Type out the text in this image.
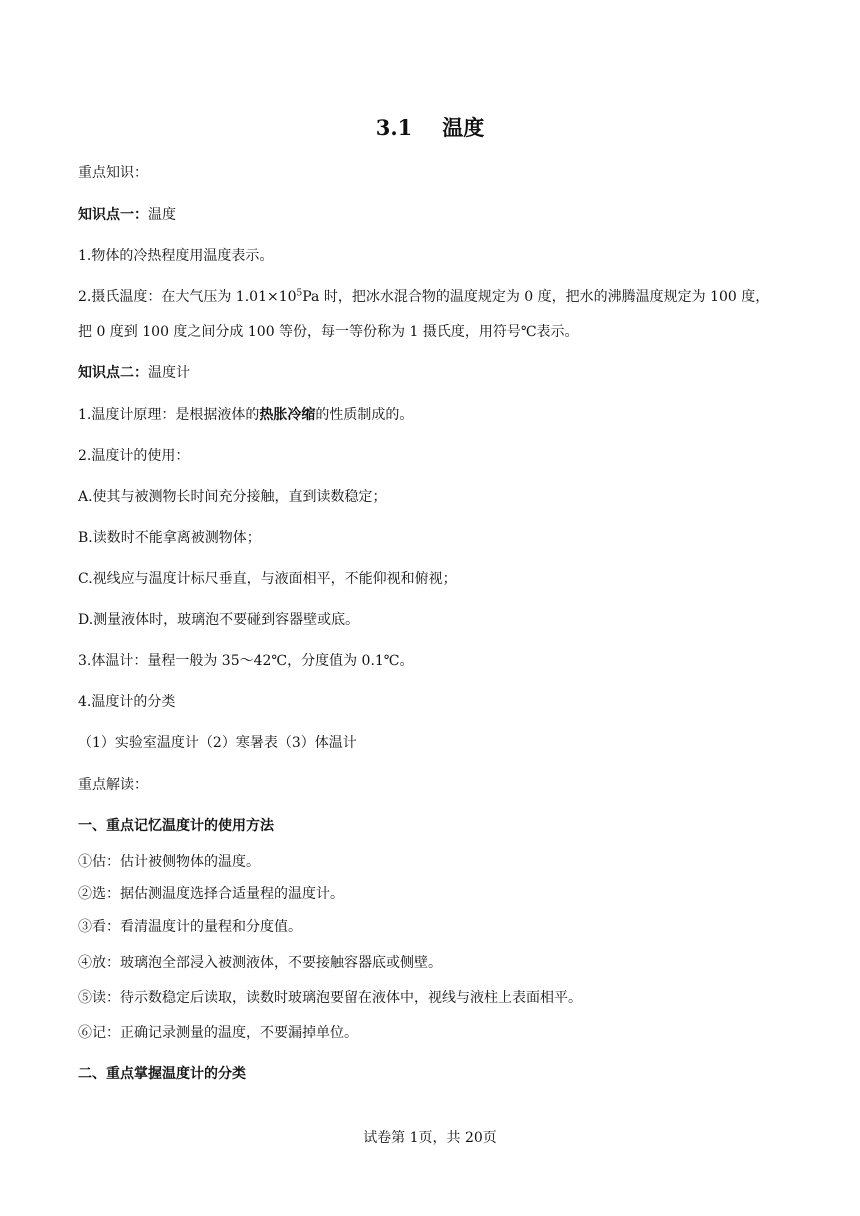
3.1 温度
重点知识：
知识点一：温度
1.物体的冷热程度用温度表示。
2.摄氏温度：在大气压为 $1.01\times 10^5Pa$ 时，把冰水混合物的温度规定为 0 度，把水的沸腾温度规定为 100 度，
把 0 度到 100 度之间分成 100 等份，每一等份称为 1 摄氏度，用符号℃表示。
知识点二：温度计
1.温度计原理：是根据液体的热胀冷缩的性质制成的。
2.温度计的使用：
A.使其与被测物长时间充分接触，直到读数稳定；
B.读数时不能拿离被测物体；
C.视线应与温度计标尺垂直，与液面相平，不能仰视和俯视；
D.测量液体时，玻璃泡不要碰到容器壁或底。
3.体温计：量程一般为 35～42℃，分度值为 0.1℃。
4.温度计的分类
（1）实验室温度计（2）寒暑表（3）体温计
重点解读：
一、重点记忆温度计的使用方法
①估：估计被侧物体的温度。
②选：据估测温度选择合适量程的温度计。
③看：看清温度计的量程和分度值。
④放：玻璃泡全部浸入被测液体，不要接触容器底或侧壁。
⑤读：待示数稳定后读取，读数时玻璃泡要留在液体中，视线与液柱上表面相平。
⑥记：正确记录测量的温度，不要漏掉单位。
二、重点掌握温度计的分类
试卷第 1页，共 20页
